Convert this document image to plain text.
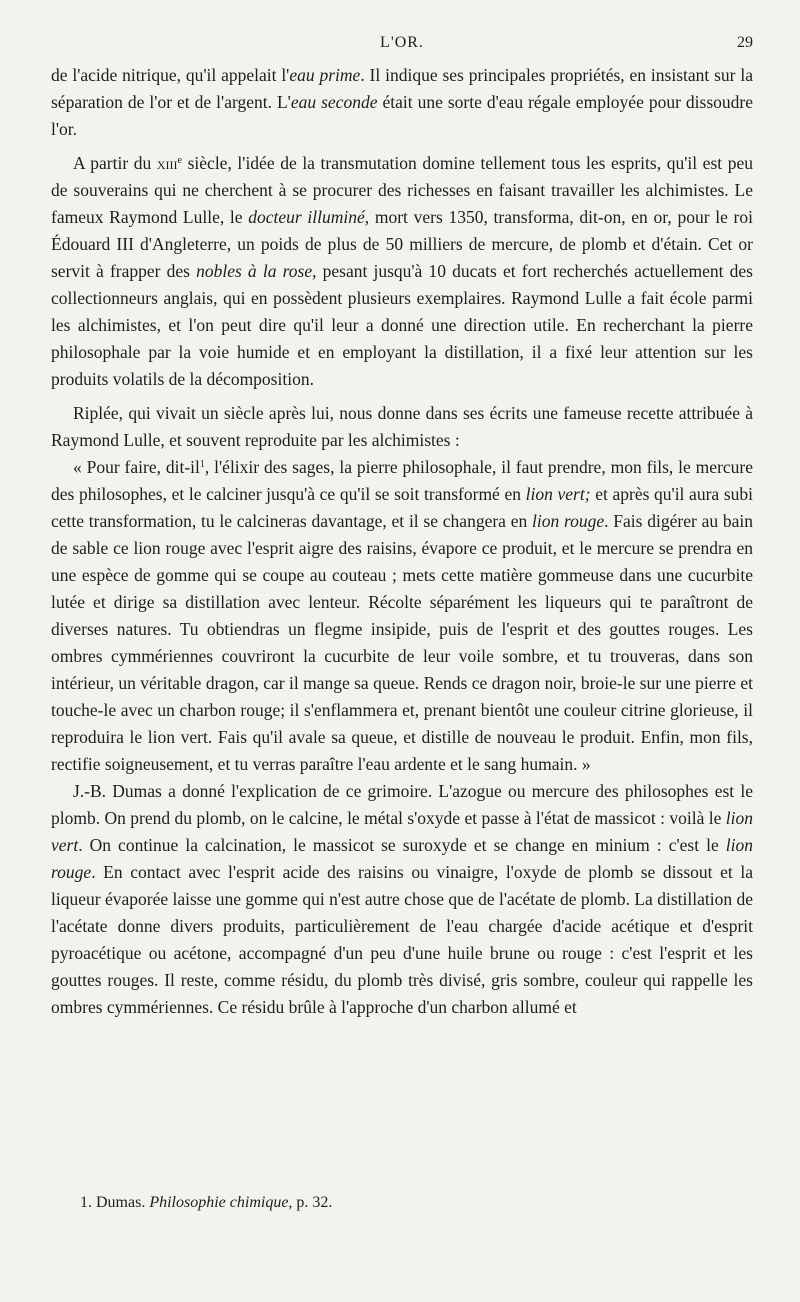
L'OR.	29

de l'acide nitrique, qu'il appelait l'eau prime. Il indique ses principales propriétés, en insistant sur la séparation de l'or et de l'argent. L'eau seconde était une sorte d'eau régale employée pour dissoudre l'or.

A partir du xiii$^e$ siècle, l'idée de la transmutation domine tellement tous les esprits, qu'il est peu de souverains qui ne cherchent à se procurer des richesses en faisant travailler les alchimistes. Le fameux Raymond Lulle, le docteur illuminé, mort vers 1350, transforma, dit-on, en or, pour le roi Édouard III d'Angleterre, un poids de plus de 50 milliers de mercure, de plomb et d'étain. Cet or servit à frapper des nobles à la rose, pesant jusqu'à 10 ducats et fort recherchés actuellement des collectionneurs anglais, qui en possèdent plusieurs exemplaires. Raymond Lulle a fait école parmi les alchimistes, et l'on peut dire qu'il leur a donné une direction utile. En recherchant la pierre philosophale par la voie humide et en employant la distillation, il a fixé leur attention sur les produits volatils de la décomposition.

Riplée, qui vivait un siècle après lui, nous donne dans ses écrits une fameuse recette attribuée à Raymond Lulle, et souvent reproduite par les alchimistes :

« Pour faire, dit-$il^1$, l'élixir des sages, la pierre philosophale, il faut prendre, mon fils, le mercure des philosophes, et le calciner jusqu'à ce qu'il se soit transformé en lion vert; et après qu'il aura subi cette transformation, tu le calcineras davantage, et il se changera en lion rouge. Fais digérer au bain de sable ce lion rouge avec l'esprit aigre des raisins, évapore ce produit, et le mercure se prendra en une espèce de gomme qui se coupe au couteau ; mets cette matière gommeuse dans une cucurbite lutée et dirige sa distillation avec lenteur. Récolte séparément les liqueurs qui te paraîtront de diverses natures. Tu obtiendras un flegme insipide, puis de l'esprit et des gouttes rouges. Les ombres cymmériennes couvriront la cucurbite de leur voile sombre, et tu trouveras, dans son intérieur, un véritable dragon, car il mange sa queue. Rends ce dragon noir, broie-le sur une pierre et touche-le avec un charbon rouge; il s'enflammera et, prenant bientôt une couleur citrine glorieuse, il reproduira le lion vert. Fais qu'il avale sa queue, et distille de nouveau le produit. Enfin, mon fils, rectifie soigneusement, et tu verras paraître l'eau ardente et le sang humain. »

J.-B. Dumas a donné l'explication de ce grimoire. L'azogue ou mercure des philosophes est le plomb. On prend du plomb, on le calcine, le métal s'oxyde et passe à l'état de massicot : voilà le lion vert. On continue la calcination, le massicot se suroxyde et se change en minium : c'est le lion rouge. En contact avec l'esprit acide des raisins ou vinaigre, l'oxyde de plomb se dissout et la liqueur évaporée laisse une gomme qui n'est autre chose que de l'acétate de plomb. La distillation de l'acétate donne divers produits, particulièrement de l'eau chargée d'acide acétique et d'esprit pyroacétique ou acétone, accompagné d'un peu d'une huile brune ou rouge : c'est l'esprit et les gouttes rouges. Il reste, comme résidu, du plomb très divisé, gris sombre, couleur qui rappelle les ombres cymmériennes. Ce résidu brûle à l'approche d'un charbon allumé et

1. Dumas. Philosophie chimique, p. 32.
